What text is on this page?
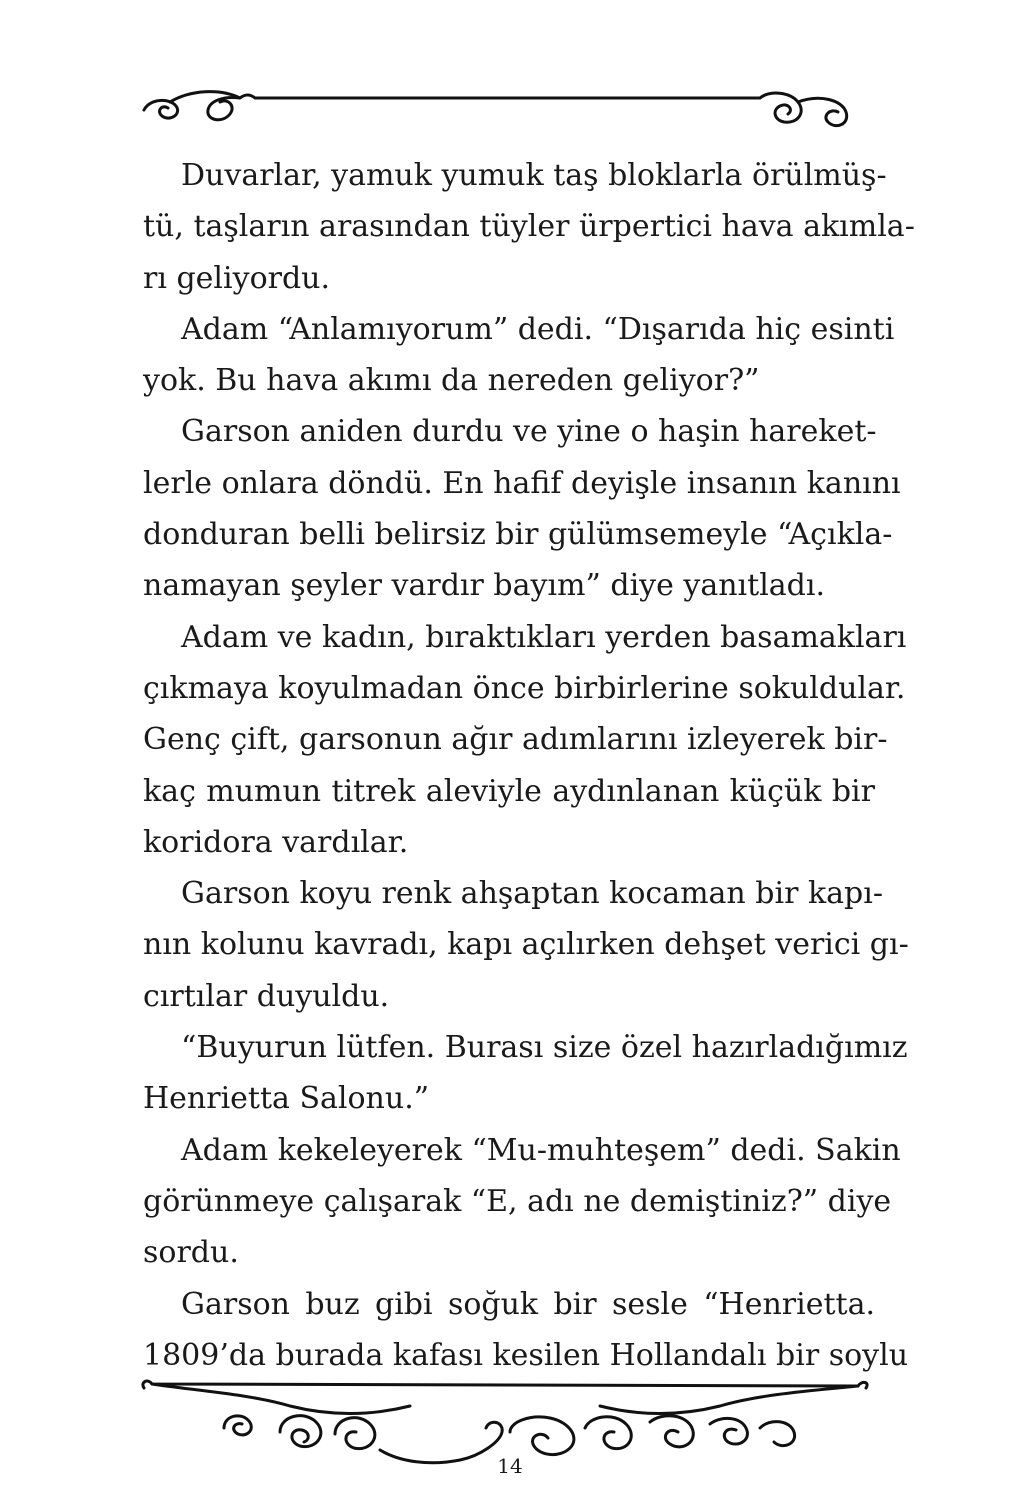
Duvarlar, yamuk yumuk taş bloklarla örülmüş-
tü, taşların arasından tüyler ürpertici hava akımla-
rı geliyordu.

Adam “Anlamıyorum” dedi. “Dışarıda hiç esinti
yok. Bu hava akımı da nereden geliyor?”

Garson aniden durdu ve yine o haşin hareket-
lerle onlara döndü. En hafif deyişle insanın kanını
donduran belli belirsiz bir gülümsemeyle “Açıkla-
namayan şeyler vardır bayım” diye yanıtladı.

Adam ve kadın, bıraktıkları yerden basamakları
çıkmaya koyulmadan önce birbirlerine sokuldular.
Genç çift, garsonun ağır adımlarını izleyerek bir-
kaç mumun titrek aleviyle aydınlanan küçük bir
koridora vardılar.

Garson koyu renk ahşaptan kocaman bir kapı-
nın kolunu kavradı, kapı açılırken dehşet verici gı-
cırtılar duyuldu.

“Buyurun lütfen. Burası size özel hazırladığımız
Henrietta Salonu.”

Adam kekeleyerek “Mu-muhteşem” dedi. Sakin
görünmeye çalışarak “E, adı ne demiştiniz?” diye
sordu.

Garson buz gibi soğuk bir sesle “Henrietta.
1809’da burada kafası kesilen Hollandalı bir soylu

14
